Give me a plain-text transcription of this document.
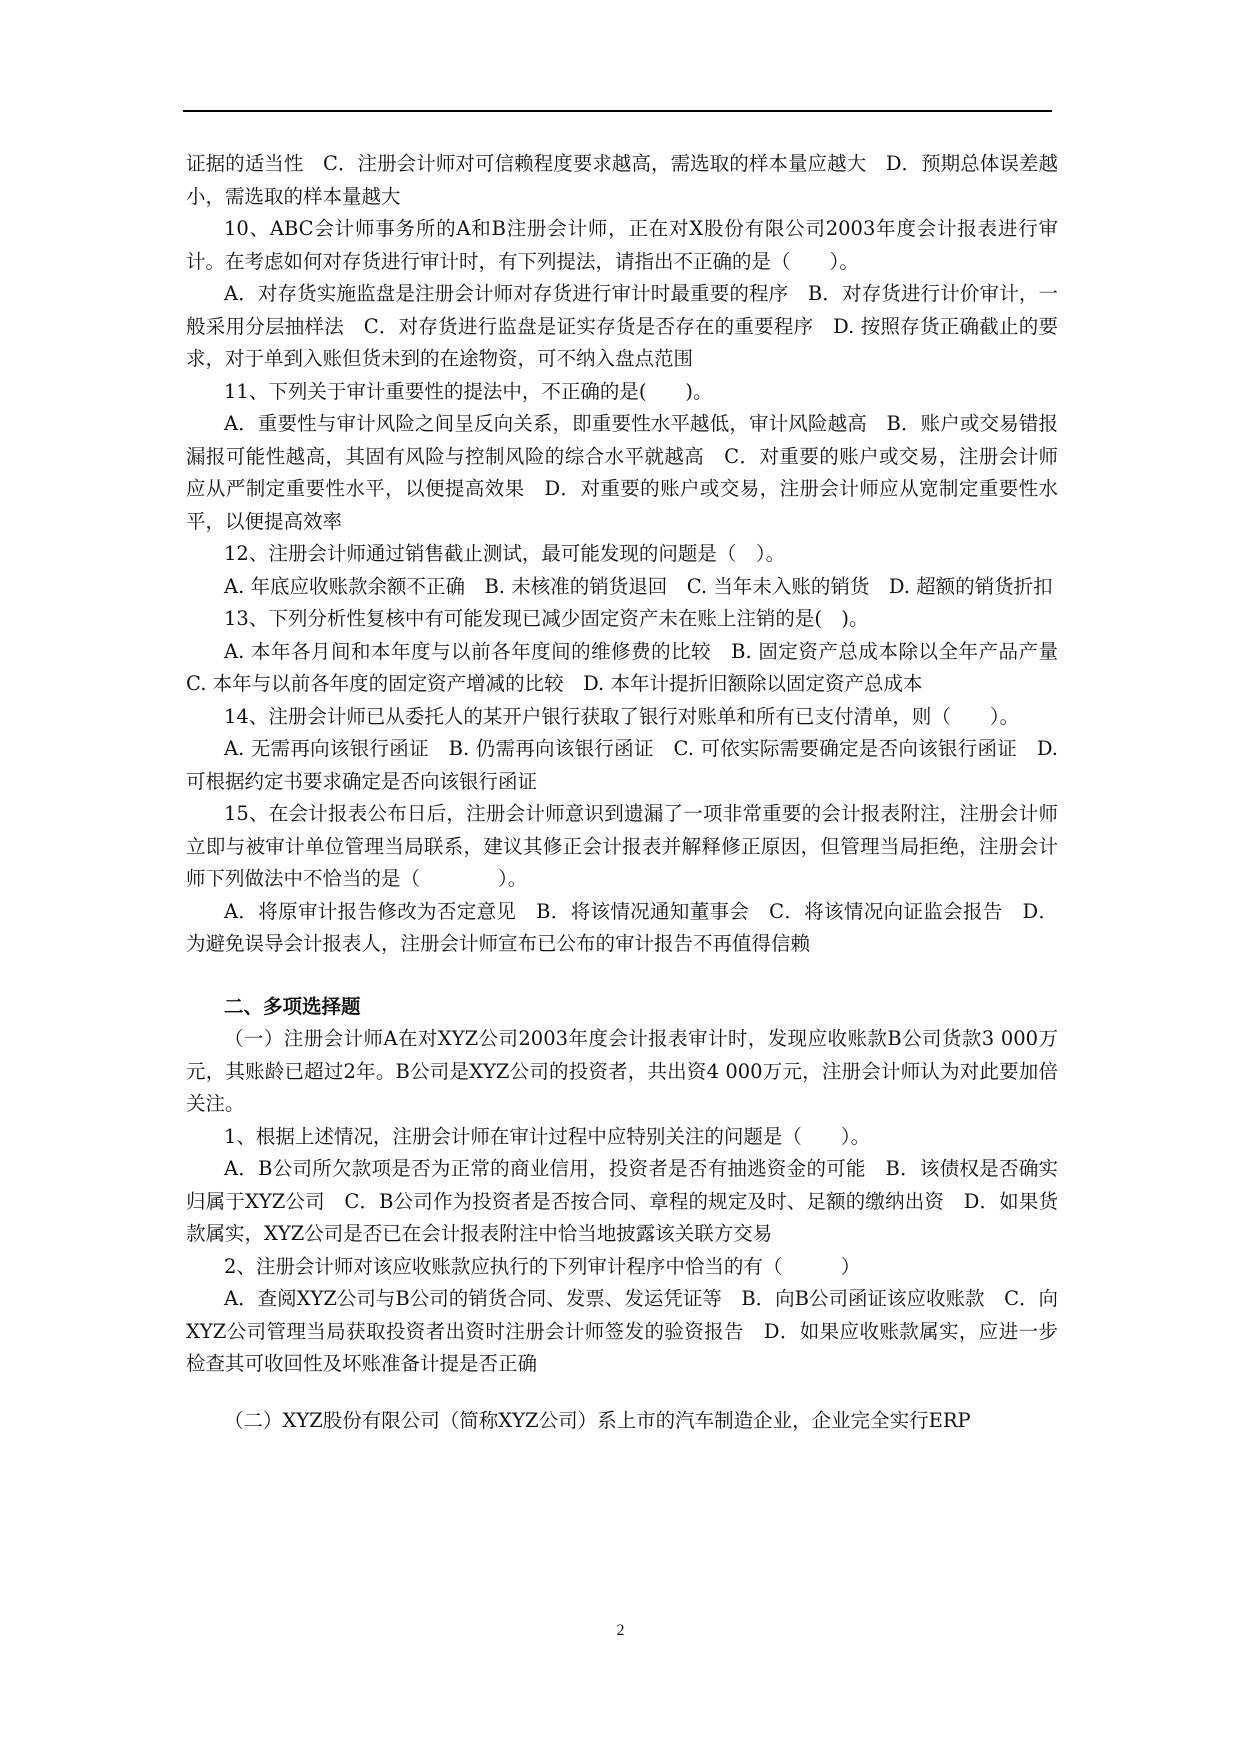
证据的适当性　C．注册会计师对可信赖程度要求越高，需选取的样本量应越大　D．预期总体误差越小，需选取的样本量越大

10、ABC会计师事务所的A和B注册会计师，正在对X股份有限公司2003年度会计报表进行审计。在考虑如何对存货进行审计时，有下列提法，请指出不正确的是（　　）。

A．对存货实施监盘是注册会计师对存货进行审计时最重要的程序　B．对存货进行计价审计，一般采用分层抽样法　C．对存货进行监盘是证实存货是否存在的重要程序　D. 按照存货正确截止的要求，对于单到入账但货未到的在途物资，可不纳入盘点范围

11、下列关于审计重要性的提法中，不正确的是(　　)。

A．重要性与审计风险之间呈反向关系，即重要性水平越低，审计风险越高　B．账户或交易错报漏报可能性越高，其固有风险与控制风险的综合水平就越高　C．对重要的账户或交易，注册会计师应从严制定重要性水平，以便提高效果　D．对重要的账户或交易，注册会计师应从宽制定重要性水平，以便提高效率

12、注册会计师通过销售截止测试，最可能发现的问题是（　）。

A. 年底应收账款余额不正确　B. 未核准的销货退回　C. 当年未入账的销货　D. 超额的销货折扣

13、下列分析性复核中有可能发现已减少固定资产未在账上注销的是(　)。

A. 本年各月间和本年度与以前各年度间的维修费的比较　B. 固定资产总成本除以全年产品产量　C. 本年与以前各年度的固定资产增减的比较　D. 本年计提折旧额除以固定资产总成本

14、注册会计师已从委托人的某开户银行获取了银行对账单和所有已支付清单，则（　　）。

A. 无需再向该银行函证　B. 仍需再向该银行函证　C. 可依实际需要确定是否向该银行函证　D. 可根据约定书要求确定是否向该银行函证

15、在会计报表公布日后，注册会计师意识到遗漏了一项非常重要的会计报表附注，注册会计师立即与被审计单位管理当局联系，建议其修正会计报表并解释修正原因，但管理当局拒绝，注册会计师下列做法中不恰当的是（　　　　）。

A．将原审计报告修改为否定意见　B．将该情况通知董事会　C．将该情况向证监会报告　D．为避免误导会计报表人，注册会计师宣布已公布的审计报告不再值得信赖

二、多项选择题

（一）注册会计师A在对XYZ公司2003年度会计报表审计时，发现应收账款B公司货款3 000万元，其账龄已超过2年。B公司是XYZ公司的投资者，共出资4 000万元，注册会计师认为对此要加倍关注。

1、根据上述情况，注册会计师在审计过程中应特别关注的问题是（　　）。

A．B公司所欠款项是否为正常的商业信用，投资者是否有抽逃资金的可能　B．该债权是否确实归属于XYZ公司　C．B公司作为投资者是否按合同、章程的规定及时、足额的缴纳出资　D．如果货款属实，XYZ公司是否已在会计报表附注中恰当地披露该关联方交易

2、注册会计师对该应收账款应执行的下列审计程序中恰当的有（　　　）

A．查阅XYZ公司与B公司的销货合同、发票、发运凭证等　B．向B公司函证该应收账款　C．向XYZ公司管理当局获取投资者出资时注册会计师签发的验资报告　D．如果应收账款属实，应进一步检查其可收回性及坏账准备计提是否正确

（二）XYZ股份有限公司（简称XYZ公司）系上市的汽车制造企业，企业完全实行ERP

2
